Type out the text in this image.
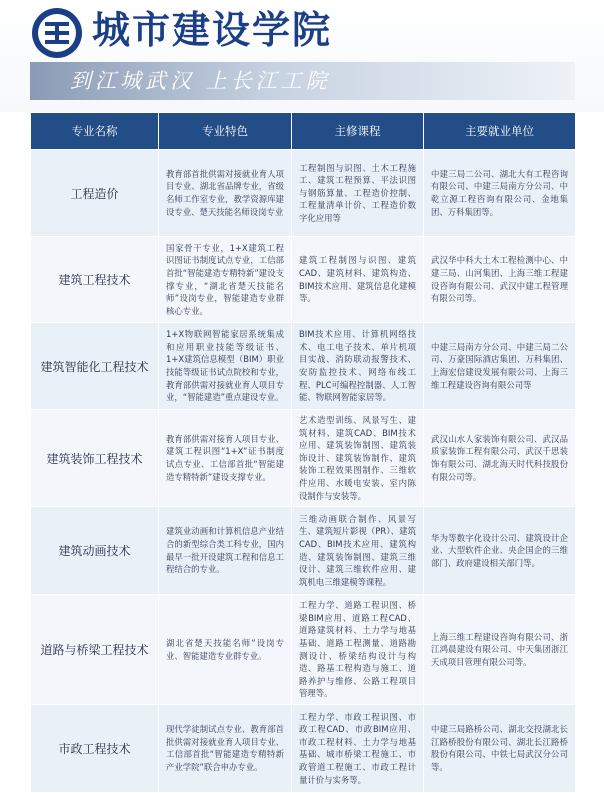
城市建设学院
到江城武汉 上长江工院
专业名称	专业特色	主修课程	主要就业单位
工程造价	教育部首批供需对接就业育人项目专业、湖北省品牌专业，省级名师工作室专业，教学资源库建设专业、楚天技能名师设岗专业	工程制图与识图、土木工程施工、建筑工程预算、平法识图与钢筋算量、工程造价控制、工程量清单计价、工程造价数字化应用等	中建三局二公司、湖北大有工程咨询有限公司、中建三局南方分公司、中乾立源工程咨询有限公司、金地集团、万科集团等。
建筑工程技术	国家骨干专业，1+X建筑工程识图证书制度试点专业，工信部首批“智能建造专精特新”建设支撑专业，“湖北省楚天技能名师”设岗专业，智能建造专业群核心专业。	建筑工程制图与识图、建筑CAD、建筑材料、建筑构造、BIM技术应用、建筑信息化建模等。	武汉华中科大土木工程检测中心、中建三局、山河集团、上海三维工程建设咨询有限公司、武汉中建工程管理有限公司等。
建筑智能化工程技术	1+X物联网智能家居系统集成和应用职业技能等级证书、1+X建筑信息模型（BIM）职业技能等级证书试点院校和专业，教育部供需对接就业育人项目专业，“智能建造”重点建设专业。	BIM技术应用、计算机网络技术、电工电子技术、单片机项目实战、消防联动报警技术、安防监控技术、网络布线工程、PLC可编程控制器、人工智能、物联网智能家居等。	中建三局南方分公司、中建三局二公司、万豪国际酒店集团、万科集团、上海宏信建设发展有限公司、上海三维工程建设咨询有限公司等
建筑装饰工程技术	教育部供需对接育人项目专业、建筑工程识图“1+X”证书制度试点专业、工信部首批“智能建造专精特新”建设支撑专业。	艺术造型训练、风景写生、建筑材料、建筑CAD、BIM技术应用、建筑装饰制图、建筑装饰设计、建筑装饰制作、建筑装饰工程效果图制作、三维软件应用、水暖电安装、室内陈设制作与安装等。	武汉山水人家装饰有限公司、武汉品质家装饰工程有限公司、武汉千思装饰有限公司、湖北海天时代科技股份有限公司等。
建筑动画技术	建筑业动画和计算机信息产业结合的新型综合类工科专业，国内最早一批开设建筑工程和信息工程结合的专业。	三维动画联合制作、风景写生、建筑短片影视（PR）、建筑CAD、BIM技术应用、建筑构造、建筑装饰制图、建筑三维设计、建筑三维软件应用、建筑机电三维建模等课程。	华为等数字化设计公司、建筑设计企业、大型软件企业、央企国企的三维部门、政府建设相关部门等。
道路与桥梁工程技术	湖北省楚天技能名师”设岗专业、智能建造专业群专业。	工程力学、道路工程识图、桥梁BIM应用、道路工程CAD、道路建筑材料、土力学与地基基础、道路工程测量、道路勘测设计、桥梁结构设计与构造、路基工程构造与施工、道路养护与维修、公路工程项目管理等。	上海三维工程建设咨询有限公司、浙江鸿晨建设有限公司、中天集团浙江天成项目管理有限公司等。
市政工程技术	现代学徒制试点专业、教育部首批供需对接就业育人项目专业、工信部首批“智能建造专精特新产业学院”联合申办专业。	工程力学、市政工程识图、市政工程CAD、市政BIM应用、市政工程材料、土力学与地基基础、城市桥梁工程施工、市政管道工程施工、市政工程计量计价与实务等。	中建三局路桥公司、湖北交投湖北长江路桥股份有限公司、湖北长江路桥股份有限公司、中铁七局武汉分公司等。
